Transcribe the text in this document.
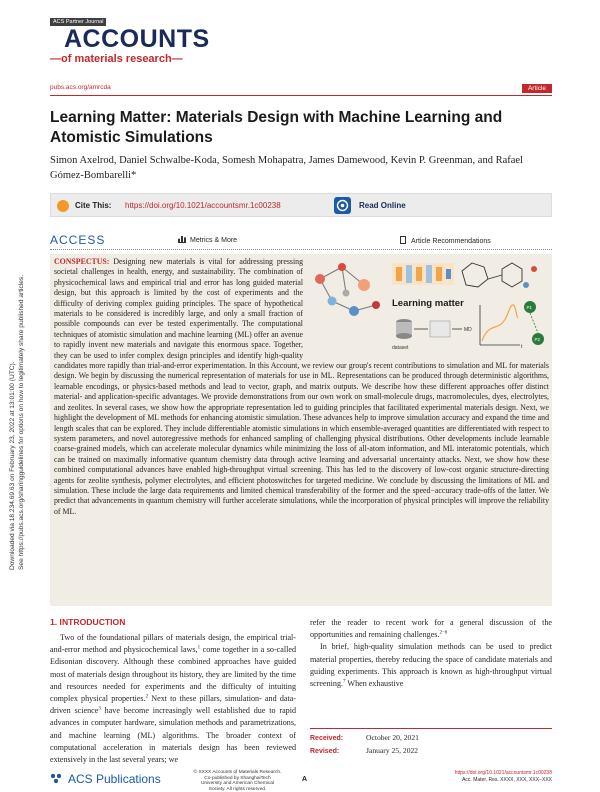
Downloaded via 18.234.69.63 on February 23, 2022 at 13:01:00 (UTC). See https://pubs.acs.org/sharingguidelines for options on how to legitimately share published articles.
ACS Partner Journal
ACCOUNTS
—of materials research—
pubs.acs.org/amrcda	Article
Learning Matter: Materials Design with Machine Learning and Atomistic Simulations
Simon Axelrod, Daniel Schwalbe-Koda, Somesh Mohapatra, James Damewood, Kevin P. Greenman, and Rafael Gómez-Bombarelli*
Cite This: https://doi.org/10.1021/accountsmr.1c00238	Read Online
ACCESS	Metrics & More	Article Recommendations
CONSPECTUS: Designing new materials is vital for addressing pressing societal challenges in health, energy, and sustainability. The combination of physicochemical laws and empirical trial and error has long guided material design, but this approach is limited by the cost of experiments and the difficulty of deriving complex guiding principles. The space of hypothetical materials to be considered is incredibly large, and only a small fraction of possible compounds can ever be tested experimentally. The computational techniques of atomistic simulation and machine learning (ML) offer an avenue to rapidly invent new materials and navigate this enormous space. Together, they can be used to infer complex design principles and identify high-quality candidates more rapidly than trial-and-error experimentation. In this Account, we review our group's recent contributions to simulation and ML for materials design. We begin by discussing the numerical representation of materials for use in ML. Representations can be produced through deterministic algorithms, learnable encodings, or physics-based methods and lead to vector, graph, and matrix outputs. We describe how these different approaches offer distinct material- and application-specific advantages. We provide demonstrations from our own work on small-molecule drugs, macromolecules, dyes, electrolytes, and zeolites. In several cases, we show how the appropriate representation led to guiding principles that facilitated experimental materials design. Next, we highlight the development of ML methods for enhancing atomistic simulation. These advances help to improve simulation accuracy and expand the time and length scales that can be explored. They include differentiable atomistic simulations in which ensemble-averaged quantities are differentiated with respect to system parameters, and novel autoregressive methods for enhanced sampling of challenging physical distributions. Other developments include learnable coarse-grained models, which can accelerate molecular dynamics while minimizing the loss of all-atom information, and ML interatomic potentials, which can be trained on maximally informative quantum chemistry data through active learning and adversarial uncertainty attacks. Next, we show how these combined computational advances have enabled high-throughput virtual screening. This has led to the discovery of low-cost organic structure-directing agents for zeolite synthesis, polymer electrolytes, and efficient photoswitches for targeted medicine. We conclude by discussing the limitations of ML and simulation. These include the large data requirements and limited chemical transferability of the former and the speed−accuracy trade-offs of the latter. We predict that advancements in quantum chemistry will further accelerate simulations, while the incorporation of physical principles will improve the reliability of ML.
Learning matter
dataset
MD
t
P1
P2
1. INTRODUCTION

Two of the foundational pillars of materials design, the empirical trial-and-error method and physicochemical laws,$^1$ come together in a so-called Edisonian discovery. Although these combined approaches have guided most of materials design throughout its history, they are limited by the time and resources needed for experiments and the difficulty of intuiting complex physical properties.$^2$ Next to these pillars, simulation- and data-driven science$^3$ have become increasingly well established due to rapid advances in computer hardware, simulation methods and parametrizations, and machine learning (ML) algorithms. The broader context of computational acceleration in materials design has been reviewed extensively in the last several years; we

refer the reader to recent work for a general discussion of the opportunities and remaining challenges.$^{2-6}$

In brief, high-quality simulation methods can be used to predict material properties, thereby reducing the space of candidate materials and guiding experiments. This approach is known as high-throughput virtual screening.$^7$ When exhaustive

Received:	October 20, 2021
Revised:	January 25, 2022
ACS Publications	© XXXX Accounts of Materials Research.
Co-published by ShanghaiTech
University and American Chemical
Society. All rights reserved.
A
https://doi.org/10.1021/accountsmr.1c00238
Acc. Mater. Res. XXXX, XXX, XXX−XXX
